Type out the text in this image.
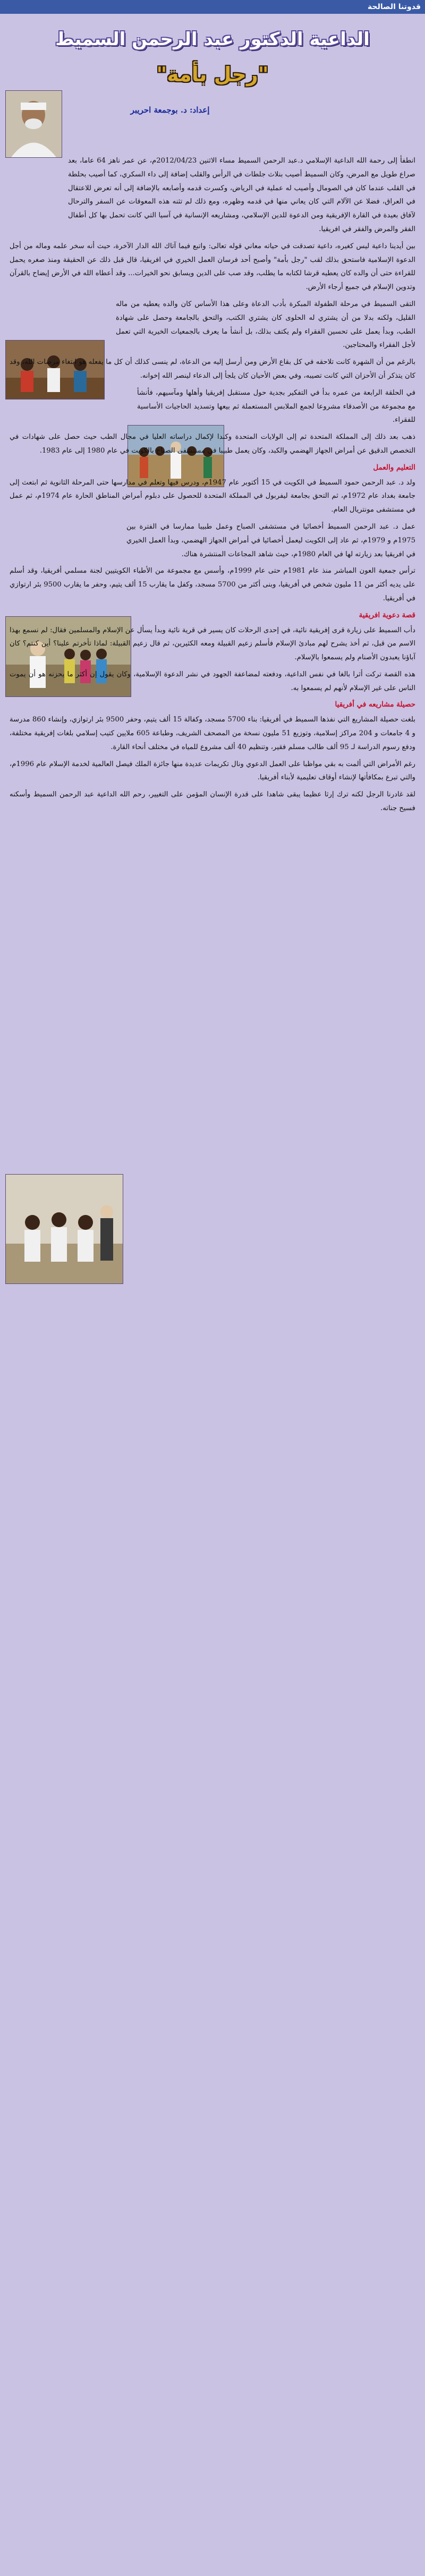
قدوتنا الصالحة
الداعية الدكتور عبد الرحمن السميط
"رجل بأمة"
إعداد: د. بوجمعة احريبر

انطفأ إلى رحمة الله الداعية الإسلامي د.عبد الرحمن السميط مساء الاثنين 2012/04/23م، عن عمر ناهز 64 عاما، بعد صراع طويل مع المرض، وكان السميط أصيب بنلاث جلطات في الرأس والقلب إضافة إلى داء السكري، كما أصيب بحلطة في القلب عندما كان في الصومال وأصيب له عملية في الرياض، وكسرت قدمه وأصابعه بالإضافة إلى أنه تعرض للاعتقال في العراق، فضلا عن الآلام التي كان يعاني منها في قدمه وظهره، ومع ذلك لم تثنه هذه المعوقات عن السفر والترحال لآفاق بعيدة في القارة الإفريقية ومن الدعوة للدين الإسلامي، ومشاريعه الإنسانية في آسيا التي كانت تحمل بها كل أطفال الفقر والمرض والفقر في افريقيا.

بين أيدينا داعية ليس كغيره، داعية تصدقت في حياته معاني قوله تعالى: واتبع فيما آتاك الله الدار الآخرة، حيث أنه سخر علمه وماله من أجل الدعوة الإسلامية فاستحق بذلك لقب "رجل بأمة" وأصبح أحد فرسان العمل الخيري في افريقيا، قال قبل ذلك عن الحقيقة ومنذ صغره يحمل للقراءة حتى أن والده كان يعطيه قرشا لكتابه ما يطلب، وقد صب على الدين ويسابق نحو الخيرات... وقد أعطاه الله في الأرض إيضاح بالقرآن وتدوين الإسلام في جميع أرجاء الأرض.

التقى السميط في مرحلة الطفولة المبكرة بأدب الدعاة وعلى هذا الأساس كان والده يعطيه من ماله القليل، ولكنه بدلا من أن يشتري له الحلوى كان يشتري الكتب، والتحق بالجامعة وحصل على شهادة الطب، وبدأ يعمل على تحسين الفقراء ولم يكتف بذلك، بل أنشأ ما يعرف بالجمعيات الخيرية التي تعمل لأجل الفقراء والمحتاجين.

بالرغم من أن الشهرة كانت تلاحقه في كل بقاع الأرض ومن أرسل إليه من الدعاة، لم ينسى كذلك أن كل ما يفعله هو ابتغاء مرضات الله، وقد كان يتذكر أن الأحزان التي كانت تصيبه، وفي بعض الأحيان كان يلجأ إلى الدعاء لينصر الله إخوانه.

في الحلقة الرابعة من عمره بدأ في التفكير بجدية حول مستقبل إفريقيا وأهلها ومآسيهم، فأنشأ مع مجموعة من الأصدقاء مشروعا لجمع الملابس المستعملة ثم بيعها وتسديد الحاجيات الأساسية للفقراء.

ذهب بعد ذلك إلى المملكة المتحدة ثم إلى الولايات المتحدة وكندا لإكمال دراساته العليا في مجال الطب حيث حصل على شهادات في التخصص الدقيق عن أمراض الجهاز الهضمي والكبد، وكان يعمل طبيبا في مستشفى الصباح بالكويت في عام 1980 إلى عام 1983.

التعليم والعمل

ولد د. عبد الرحمن حمود السميط في الكويت في 15 أكتوبر عام 1947م، ودرس فيها وتعلم في مدارسها حتى المرحلة الثانوية ثم ابتعث إلى جامعة بغداد عام 1972م، ثم التحق بجامعة ليفربول في المملكة المتحدة للحصول على دبلوم أمراض المناطق الحارة عام 1974م، ثم عمل في مستشفى مونتريال العام.

عمل د. عبد الرحمن السميط أخصائيا في مستشفى الصباح وعمل طبيبا ممارسا في الفترة بين 1975م و 1979م، ثم عاد إلى الكويت ليعمل أخصائيا في أمراض الجهاز الهضمي، وبدأ العمل الخيري في افريقيا بعد زيارته لها في العام 1980م، حيث شاهد المجاعات المنتشرة هناك.

ترأس جمعية العون المباشر منذ عام 1981م حتى عام 1999م، وأسس مع مجموعة من الأطباء الكويتيين لجنة مسلمي أفريقيا، وقد أسلم على يديه أكثر من 11 مليون شخص في أفريقيا، وبنى أكثر من 5700 مسجد، وكفل ما يقارب 15 ألف يتيم، وحفر ما يقارب 9500 بئر ارتوازي في أفريقيا.

قصة دعوية افريقية

دأب السميط على زيارة قرى إفريقية نائية، في إحدى الرحلات كان يسير في قرية نائية وبدأ يسأل عن الإسلام والمسلمين فقال: لم نسمع بهذا الاسم من قبل، ثم أخذ يشرح لهم مبادئ الإسلام فأسلم زعيم القبيلة ومعه الكثيرين، ثم قال زعيم القبيلة: لماذا تأخرتم علينا؟ أين كنتم؟ كان آباؤنا يعبدون الأصنام ولم يسمعوا بالإسلام.

هذه القصة تركت أثرا بالغا في نفس الداعية، ودفعته لمضاعفة الجهود في نشر الدعوة الإسلامية، وكان يقول إن أكثر ما يحزنه هو أن يموت الناس على غير الإسلام لأنهم لم يسمعوا به.

حصيلة مشاريعه في أفريقيا

بلغت حصيلة المشاريع التي نفذها السميط في أفريقيا: بناء 5700 مسجد، وكفالة 15 ألف يتيم، وحفر 9500 بئر ارتوازي، وإنشاء 860 مدرسة و 4 جامعات و 204 مراكز إسلامية، وتوزيع 51 مليون نسخة من المصحف الشريف، وطباعة 605 ملايين كتيب إسلامي بلغات إفريقية مختلفة، ودفع رسوم الدراسة لـ 95 ألف طالب مسلم فقير، وتنظيم 40 ألف مشروع للمياه في مختلف أنحاء القارة.

رغم الأمراض التي ألمت به بقي مواظبا على العمل الدعوي ونال تكريمات عديدة منها جائزة الملك فيصل العالمية لخدمة الإسلام عام 1996م، والتي تبرع بمكافأتها لإنشاء أوقاف تعليمية لأبناء أفريقيا.

لقد غادرنا الرجل لكنه ترك إرثا عظيما يبقى شاهدا على قدرة الإنسان المؤمن على التغيير، رحم الله الداعية عبد الرحمن السميط وأسكنه فسيح جناته.
